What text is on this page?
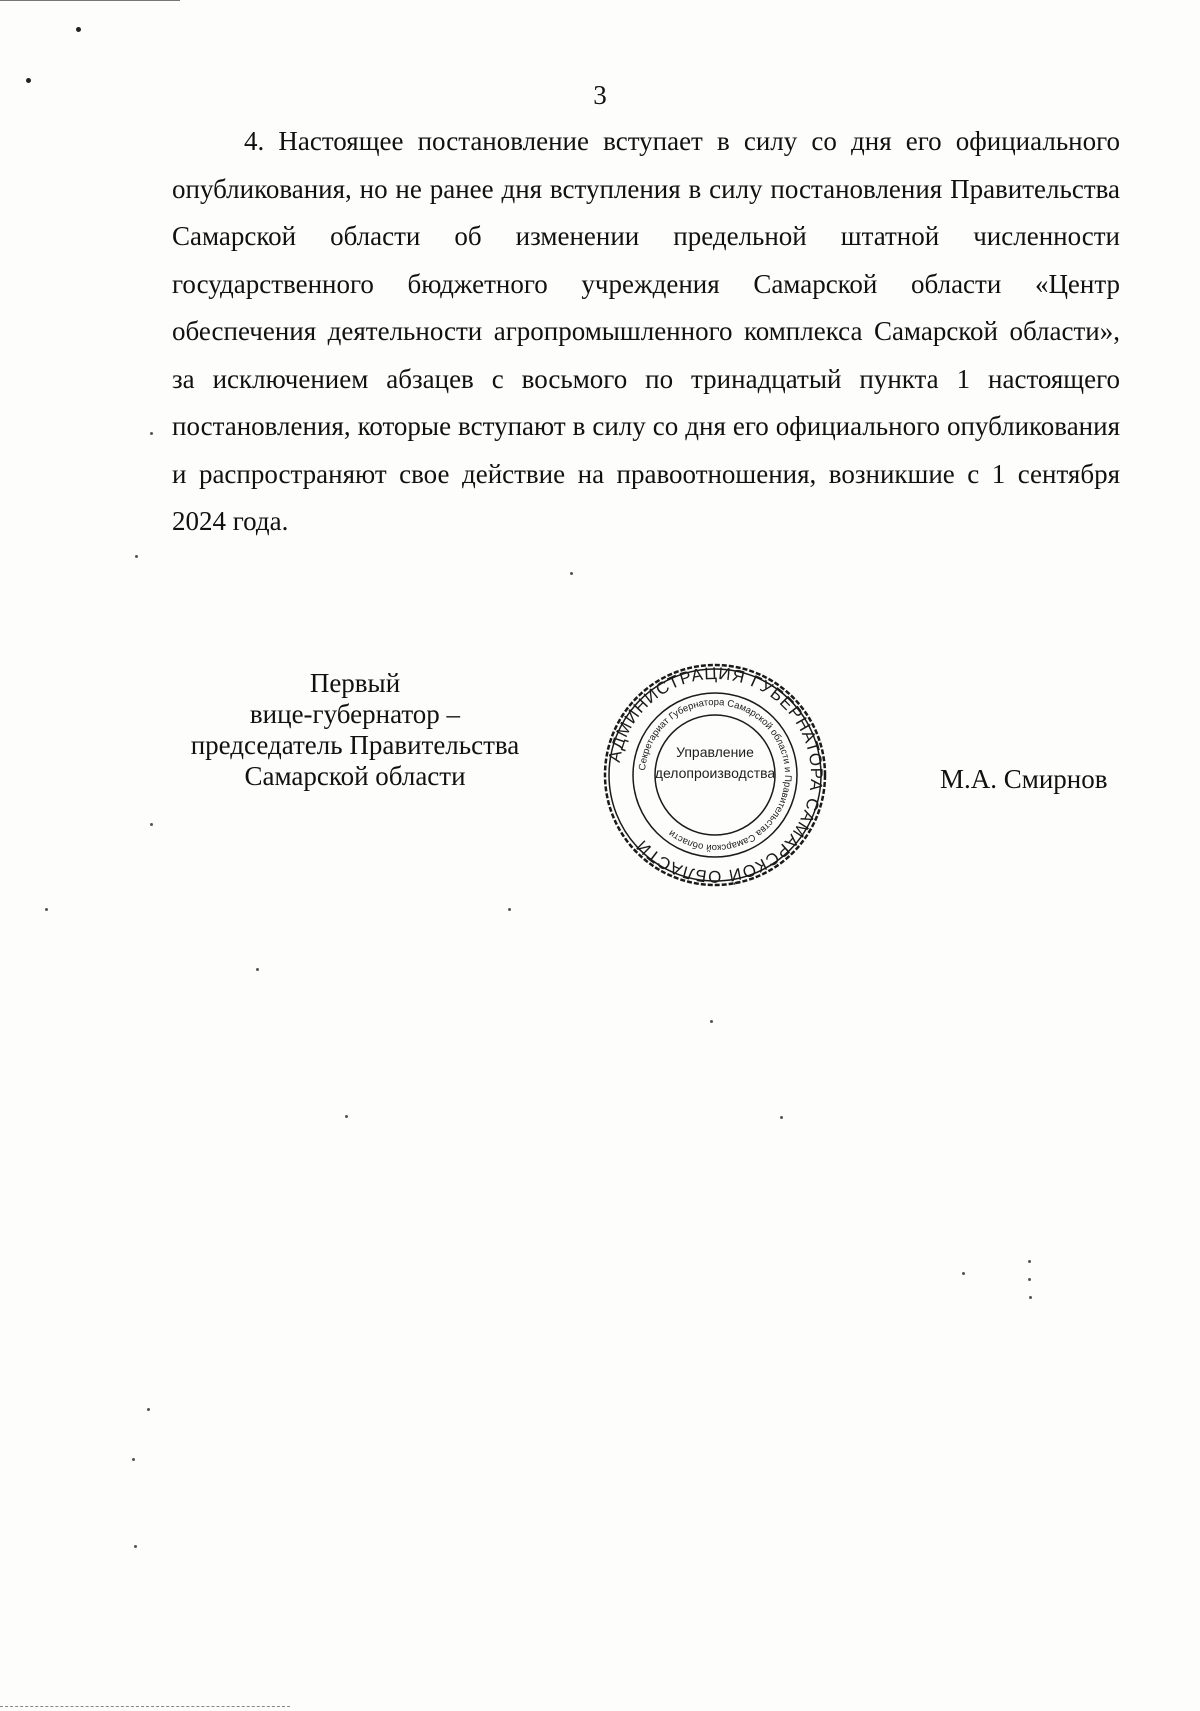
3

4. Настоящее постановление вступает в силу со дня его официального опубликования, но не ранее дня вступления в силу постановления Правительства Самарской области об изменении предельной штатной численности государственного бюджетного учреждения Самарской области «Центр обеспечения деятельности агропромышленного комплекса Самарской области», за исключением абзацев с восьмого по тринадцатый пункта 1 настоящего постановления, которые вступают в силу со дня его официального опубликования и распространяют свое действие на правоотношения, возникшие с 1 сентября 2024 года.

Первый
вице-губернатор –
председатель Правительства
Самарской области
АДМИНИСТРАЦИЯ ГУБЕРНАТОРА САМАРСКОЙ ОБЛАСТИ
Секретариат Губернатора Самарской области и Правительства Самарской области
Управление
делопроизводства	М.А. Смирнов
